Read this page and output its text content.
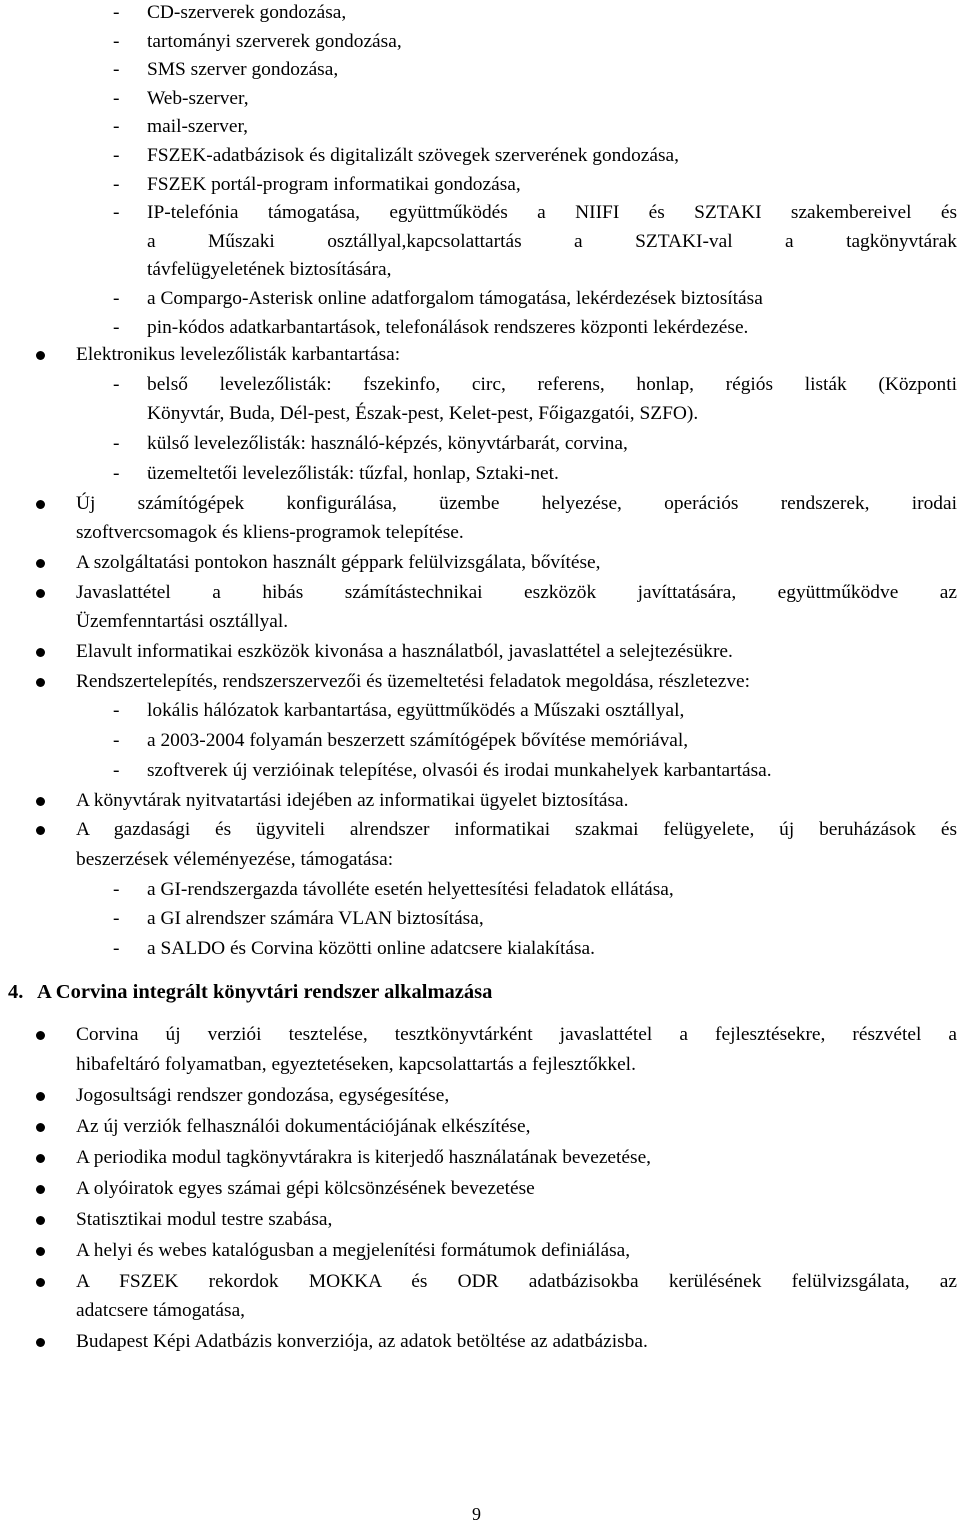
- CD-szerverek gondozása,
- tartományi szerverek gondozása,
- SMS szerver gondozása,
- Web-szerver,
- mail-szerver,
- FSZEK-adatbázisok és digitalizált szövegek szerverének gondozása,
- FSZEK portál-program informatikai gondozása,
- IP-telefónia támogatása, együttműködés a NIIFI és SZTAKI szakembereivel és
a Műszaki osztállyal,kapcsolattartás a SZTAKI-val a tagkönyvtárak
távfelügyeletének biztosítására,
- a Compargo-Asterisk online adatforgalom támogatása, lekérdezések biztosítása
- pin-kódos adatkarbantartások, telefonálások rendszeres központi lekérdezése.
Elektronikus levelezőlisták karbantartása:
- belső levelezőlisták: fszekinfo, circ, referens, honlap, régiós listák (Központi
Könyvtár, Buda, Dél-pest, Észak-pest, Kelet-pest, Főigazgatói, SZFO).
- külső levelezőlisták: használó-képzés, könyvtárbarát, corvina,
- üzemeltetői levelezőlisták: tűzfal, honlap, Sztaki-net.
Új számítógépek konfigurálása, üzembe helyezése, operációs rendszerek, irodai
szoftvercsomagok és kliens-programok telepítése.
A szolgáltatási pontokon használt géppark felülvizsgálata, bővítése,
Javaslattétel a hibás számítástechnikai eszközök javíttatására, együttműködve az
Üzemfenntartási osztállyal.
Elavult informatikai eszközök kivonása a használatból, javaslattétel a selejtezésükre.
Rendszertelepítés, rendszerszervezői és üzemeltetési feladatok megoldása, részletezve:
- lokális hálózatok karbantartása, együttműködés a Műszaki osztállyal,
- a 2003-2004 folyamán beszerzett számítógépek bővítése memóriával,
- szoftverek új verzióinak telepítése, olvasói és irodai munkahelyek karbantartása.
A könyvtárak nyitvatartási idejében az informatikai ügyelet biztosítása.
A gazdasági és ügyviteli alrendszer informatikai szakmai felügyelete, új beruházások és
beszerzések véleményezése, támogatása:
- a GI-rendszergazda távolléte esetén helyettesítési feladatok ellátása,
- a GI alrendszer számára VLAN biztosítása,
- a SALDO és Corvina közötti online adatcsere kialakítása.
4. A Corvina integrált könyvtári rendszer alkalmazása
Corvina új verziói tesztelése, tesztkönyvtárként javaslattétel a fejlesztésekre, részvétel a
hibafeltáró folyamatban, egyeztetéseken, kapcsolattartás a fejlesztőkkel.
Jogosultsági rendszer gondozása, egységesítése,
Az új verziók felhasználói dokumentációjának elkészítése,
A periodika modul tagkönyvtárakra is kiterjedő használatának bevezetése,
A olyóiratok egyes számai gépi kölcsönzésének bevezetése
Statisztikai modul testre szabása,
A helyi és webes katalógusban a megjelenítési formátumok definiálása,
A FSZEK rekordok MOKKA és ODR adatbázisokba kerülésének felülvizsgálata, az
adatcsere támogatása,
Budapest Képi Adatbázis konverziója, az adatok betöltése az adatbázisba.
9
